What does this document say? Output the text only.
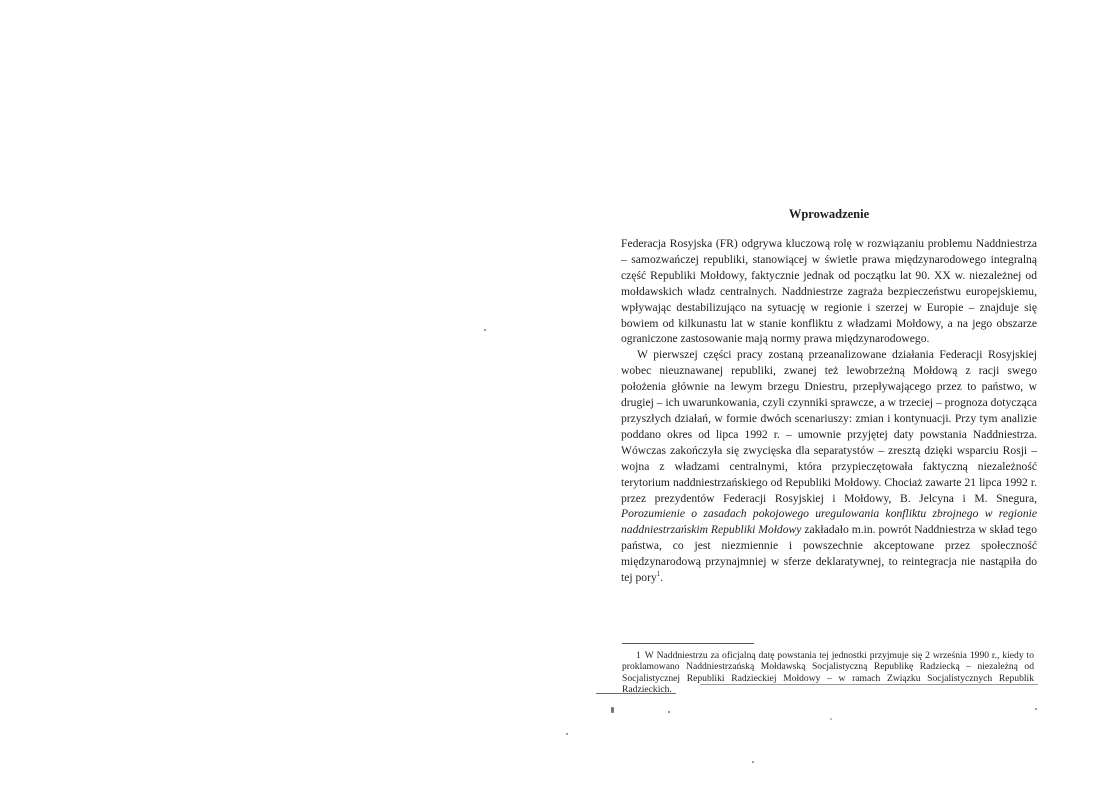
Wprowadzenie

Federacja Rosyjska (FR) odgrywa kluczową rolę w rozwiązaniu problemu Naddniestrza – samozwańczej republiki, stanowiącej w świetle prawa międzynarodowego integralną część Republiki Mołdowy, faktycznie jednak od początku lat 90. XX w. niezależnej od mołdawskich władz centralnych. Naddniestrze zagraża bezpieczeństwu europejskiemu, wpływając destabilizująco na sytuację w regionie i szerzej w Europie – znajduje się bowiem od kilkunastu lat w stanie konfliktu z władzami Mołdowy, a na jego obszarze ograniczone zastosowanie mają normy prawa międzynarodowego.

W pierwszej części pracy zostaną przeanalizowane działania Federacji Rosyjskiej wobec nieuznawanej republiki, zwanej też lewobrzeżną Mołdową z racji swego położenia głównie na lewym brzegu Dniestru, przepływającego przez to państwo, w drugiej – ich uwarunkowania, czyli czynniki sprawcze, a w trzeciej – prognoza dotycząca przyszłych działań, w formie dwóch scenariuszy: zmian i kontynuacji. Przy tym analizie poddano okres od lipca 1992 r. – umownie przyjętej daty powstania Naddniestrza. Wówczas zakończyła się zwycięska dla separatystów – zresztą dzięki wsparciu Rosji – wojna z władzami centralnymi, która przypieczętowała faktyczną niezależność terytorium naddniestrzańskiego od Republiki Mołdowy. Chociaż zawarte 21 lipca 1992 r. przez prezydentów Federacji Rosyjskiej i Mołdowy, B. Jelcyna i M. Snegura, Porozumienie o zasadach pokojowego uregulowania konfliktu zbrojnego w regionie naddniestrzańskim Republiki Mołdowy zakładało m.in. powrót Naddniestrza w skład tego państwa, co jest niezmiennie i powszechnie akceptowane przez społeczność międzynarodową przynajmniej w sferze deklaratywnej, to reintegracja nie nastąpiła do tej pory$^1$.

1 W Naddniestrzu za oficjalną datę powstania tej jednostki przyjmuje się 2 września 1990 r., kiedy to proklamowano Naddniestrzańską Mołdawską Socjalistyczną Republikę Radziecką – niezależną od Socjalistycznej Republiki Radzieckiej Mołdowy – w ramach Związku Socjalistycznych Republik Radzieckich.
